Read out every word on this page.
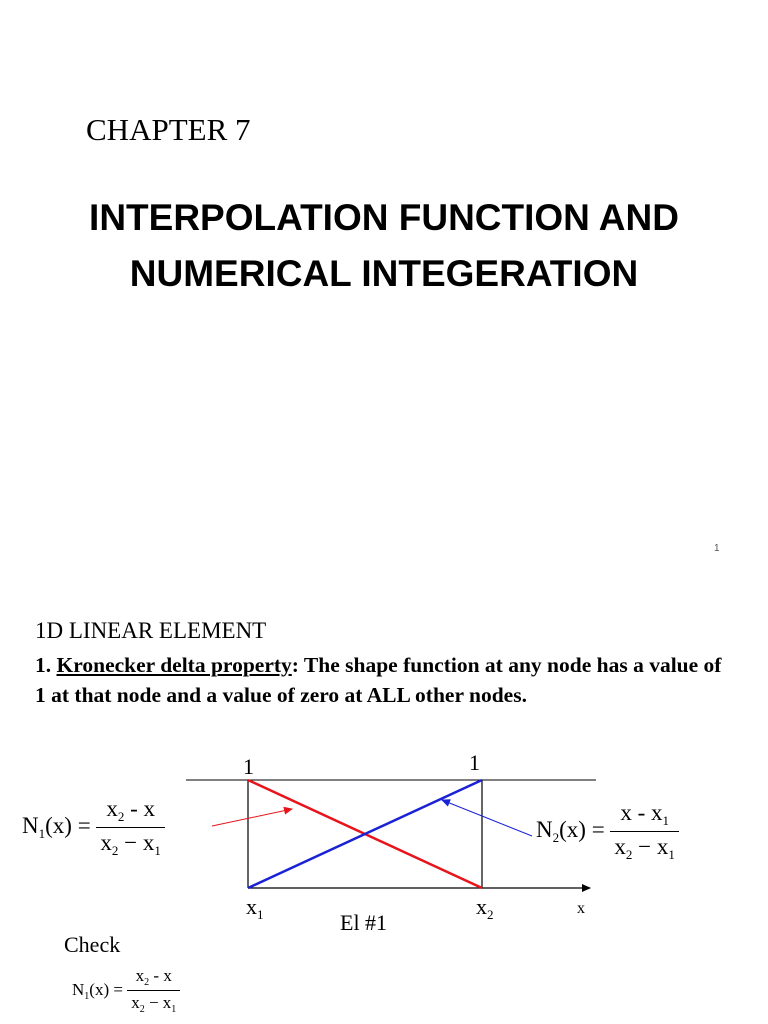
CHAPTER 7
INTERPOLATION FUNCTION AND
NUMERICAL INTEGERATION
1
1D LINEAR ELEMENT
1. Kronecker delta property: The shape function at any node has a value of 1 at that node and a value of zero at ALL other nodes.
1	1
$x_1$	$x_2$	x
El #1
$N_1(x) = \frac{x_2 - x}{x_2 - x_1}$	$N_2(x) = \frac{x - x_1}{x_2 - x_1}$
Check
$N_1(x) = \frac{x_2 - x}{x_2 - x_1}$
